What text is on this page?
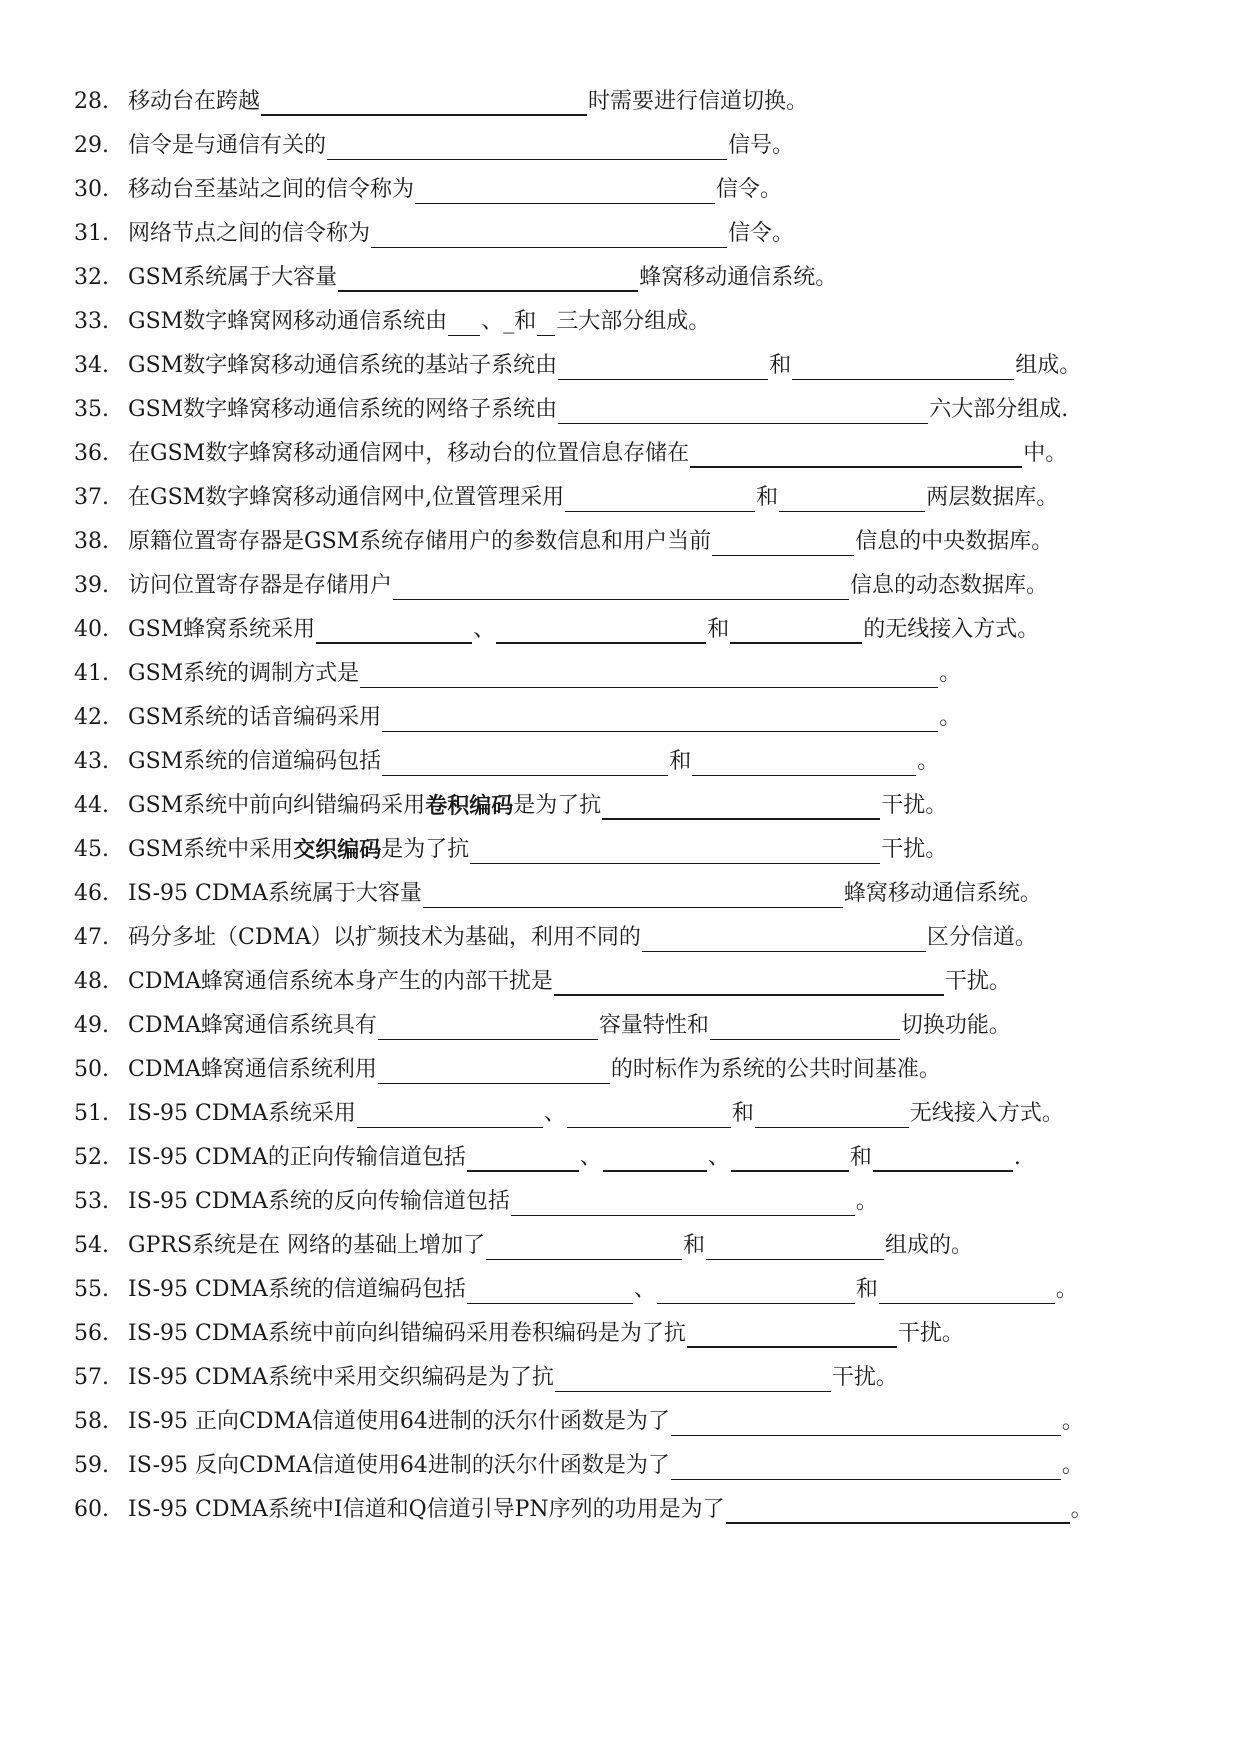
28. 移动台在跨越	时需要进行信道切换。
29. 信令是与通信有关的	信号。
30. 移动台至基站之间的信令称为	信令。
31. 网络节点之间的信令称为	信令。
32. GSM系统属于大容量	蜂窝移动通信系统。
33. GSM数字蜂窝网移动通信系统由 、_和 三大部分组成。
34. GSM数字蜂窝移动通信系统的基站子系统由	和	组成。
35. GSM数字蜂窝移动通信系统的网络子系统由	六大部分组成.
36. 在GSM数字蜂窝移动通信网中，移动台的位置信息存储在	中。
37. 在GSM数字蜂窝移动通信网中,位置管理采用	和	两层数据库。
38. 原籍位置寄存器是GSM系统存储用户的参数信息和用户当前	信息的中央数据库。
39. 访问位置寄存器是存储用户	信息的动态数据库。
40. GSM蜂窝系统采用	、	和	的无线接入方式。
41. GSM系统的调制方式是	。
42. GSM系统的话音编码采用	。
43. GSM系统的信道编码包括	和	。
44. GSM系统中前向纠错编码采用 卷积编码 是为了抗	干扰。
45. GSM系统中采用 交织编码 是为了抗	干扰。
46. IS-95 CDMA系统属于大容量	蜂窝移动通信系统。
47. 码分多址（CDMA）以扩频技术为基础，利用不同的	区分信道。
48. CDMA蜂窝通信系统本身产生的内部干扰是	干扰。
49. CDMA蜂窝通信系统具有	容量特性和	切换功能。
50. CDMA蜂窝通信系统利用	的时标作为系统的公共时间基准。
51. IS-95 CDMA系统采用	、	和	无线接入方式。
52. IS-95 CDMA的正向传输信道包括	、	、	和	.
53. IS-95 CDMA系统的反向传输信道包括	。
54. GPRS系统是在 网络的基础上增加了	和	组成的。
55. IS-95 CDMA系统的信道编码包括	、	和	。
56. IS-95 CDMA系统中前向纠错编码采用卷积编码是为了抗	干扰。
57. IS-95 CDMA系统中采用交织编码是为了抗	干扰。
58. IS-95 正向CDMA信道使用64进制的沃尔什函数是为了	。
59. IS-95 反向CDMA信道使用64进制的沃尔什函数是为了	。
60. IS-95 CDMA系统中I信道和Q信道引导PN序列的功用是为了	。
